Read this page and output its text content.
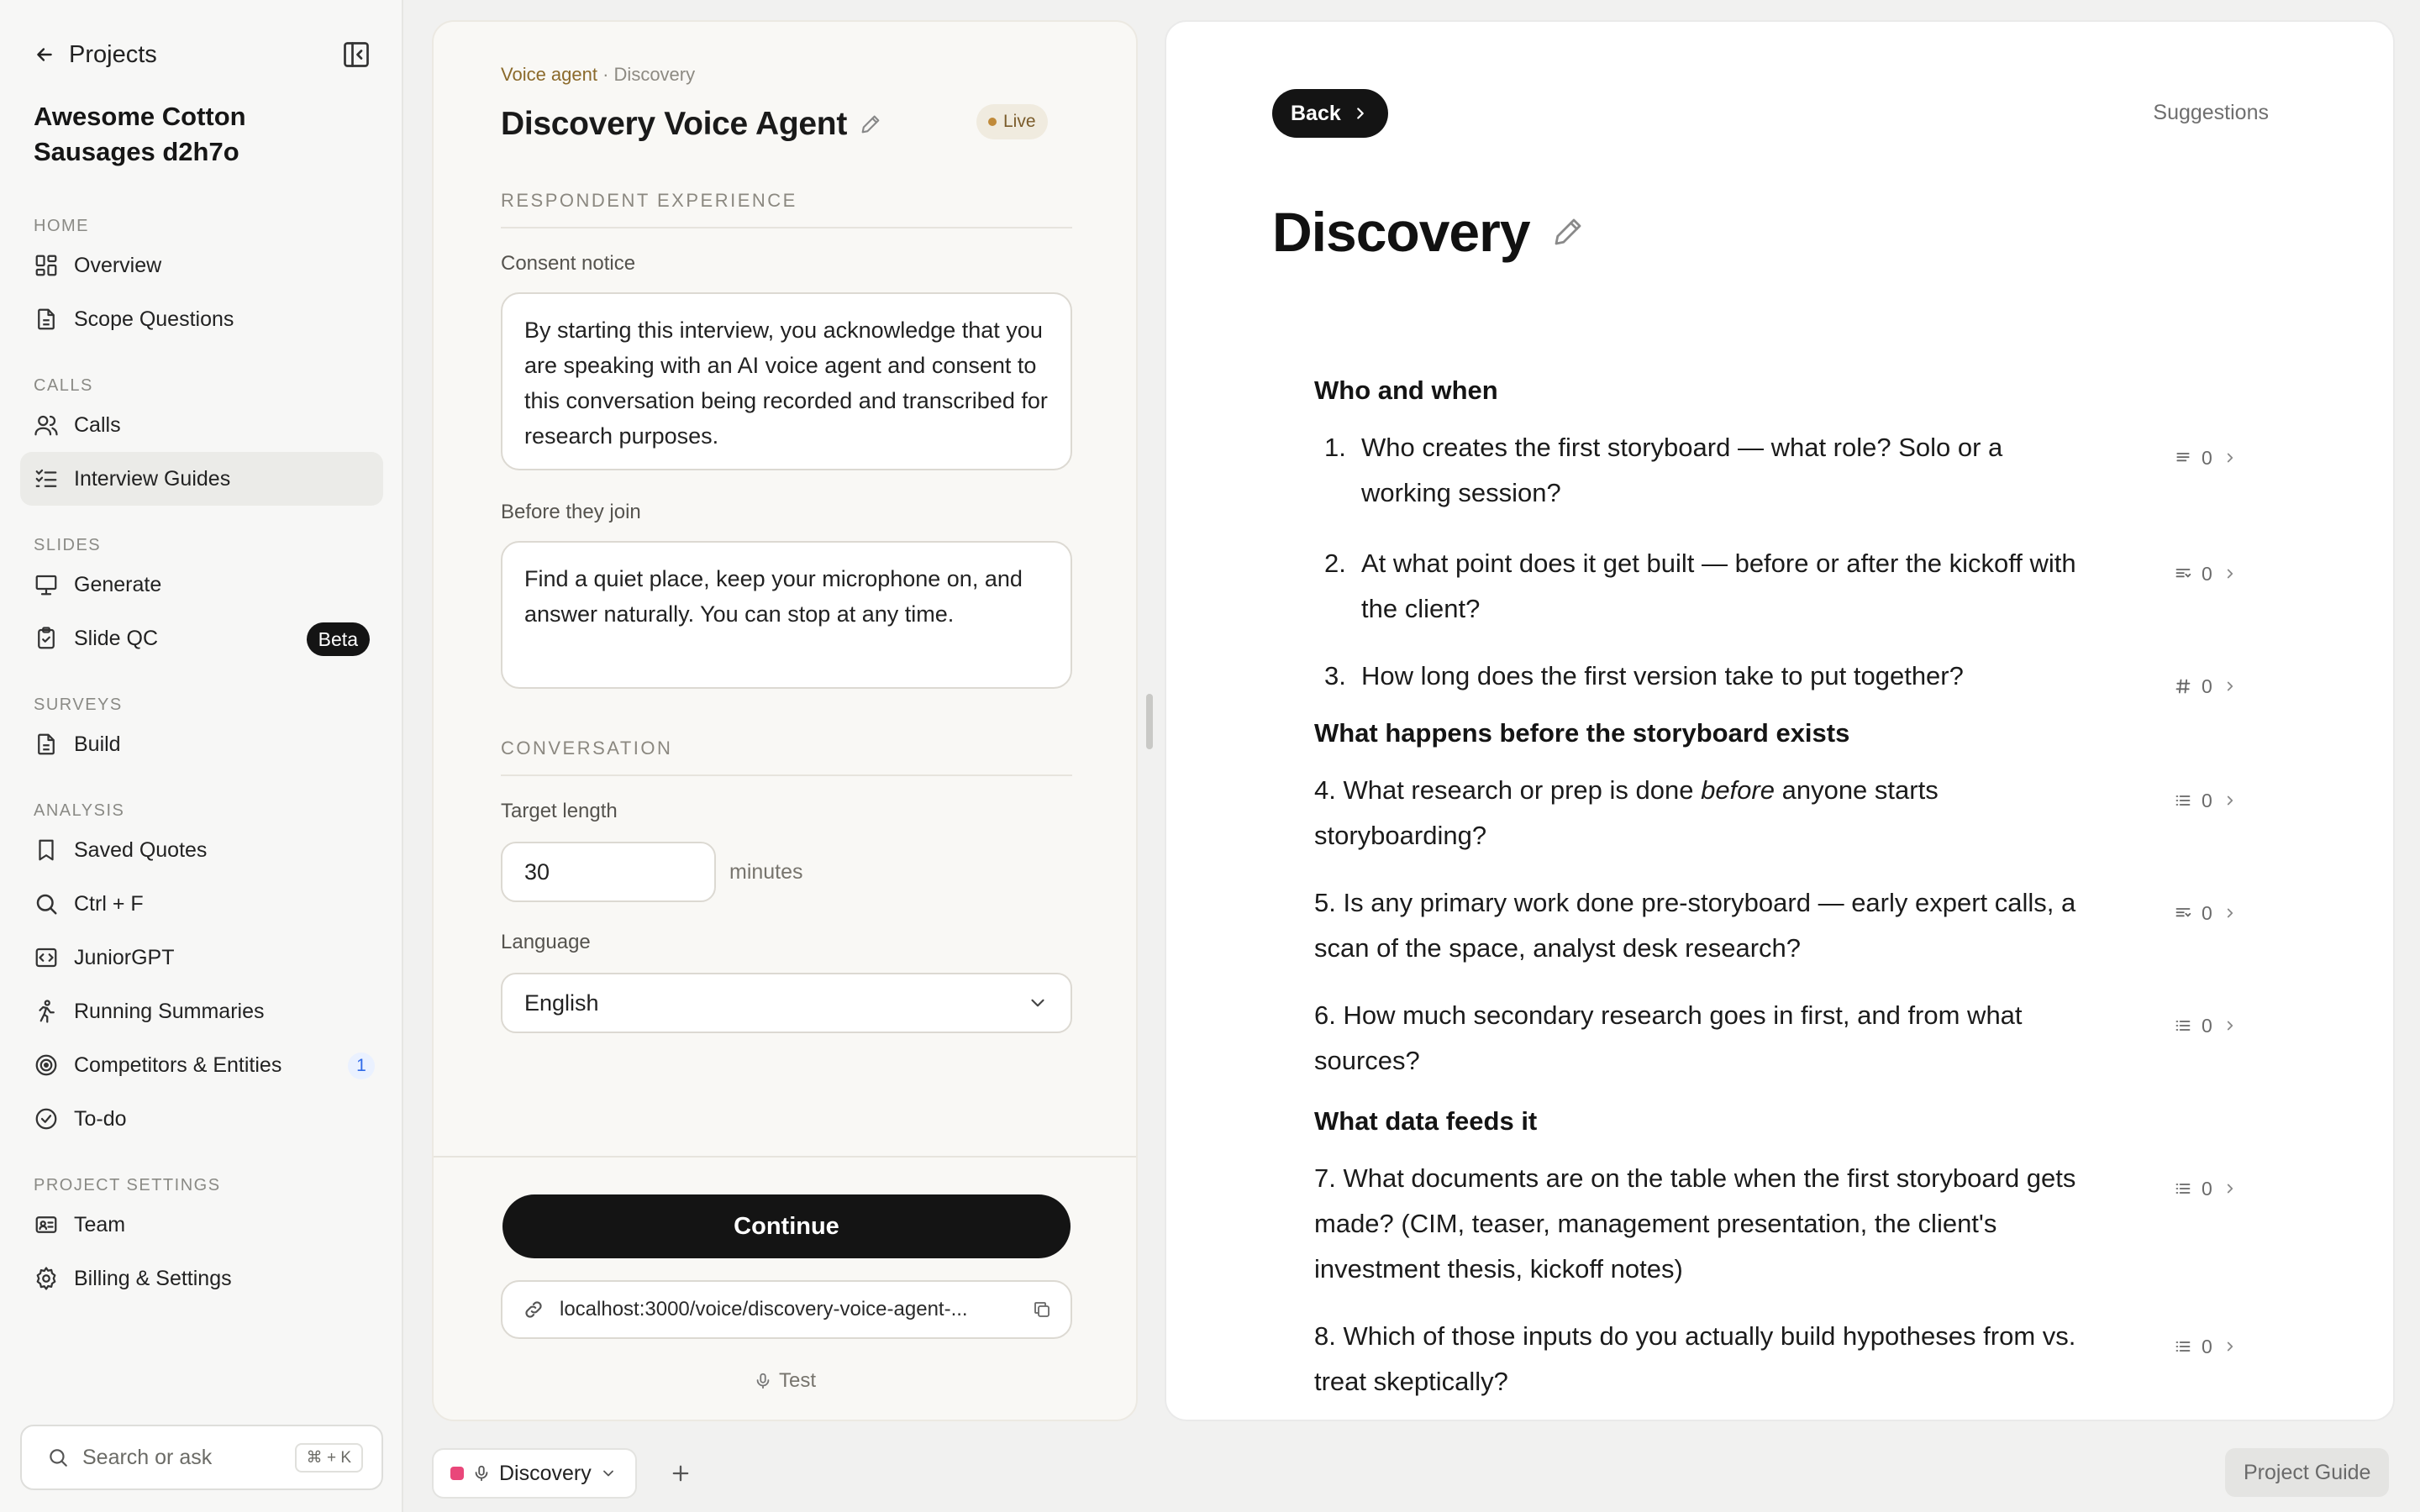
Projects
Awesome Cotton Sausages d2h7o
HOME
Overview
Scope Questions
CALLS
Calls
Interview Guides
SLIDES
Generate
Slide QC	Beta
SURVEYS
Build
ANALYSIS
Saved Quotes
Ctrl + F
JuniorGPT
Running Summaries
Competitors & Entities	1
To-do
PROJECT SETTINGS
Team
Billing & Settings
Search or ask	⌘ + K
Voice agent · Discovery
Discovery Voice Agent	Live
RESPONDENT EXPERIENCE
Consent notice
By starting this interview, you acknowledge that you are speaking with an AI voice agent and consent to this conversation being recorded and transcribed for research purposes.
Before they join
Find a quiet place, keep your microphone on, and answer naturally. You can stop at any time.
CONVERSATION
Target length
30	minutes
Language
English
Continue
localhost:3000/voice/discovery-voice-agent-...
Test
Back	Suggestions
Discovery
Who and when
1. Who creates the first storyboard — what role? Solo or a working session?
0
2. At what point does it get built — before or after the kickoff with the client?
0
3. How long does the first version take to put together?	0
What happens before the storyboard exists
4. What research or prep is done before anyone starts storyboarding?
0
5. Is any primary work done pre-storyboard — early expert calls, a scan of the space, analyst desk research?
0
6. How much secondary research goes in first, and from what sources?
0
What data feeds it
7. What documents are on the table when the first storyboard gets made? (CIM, teaser, management presentation, the client's investment thesis, kickoff notes)
0
8. Which of those inputs do you actually build hypotheses from vs. treat skeptically?
0
Discovery	Project Guide
